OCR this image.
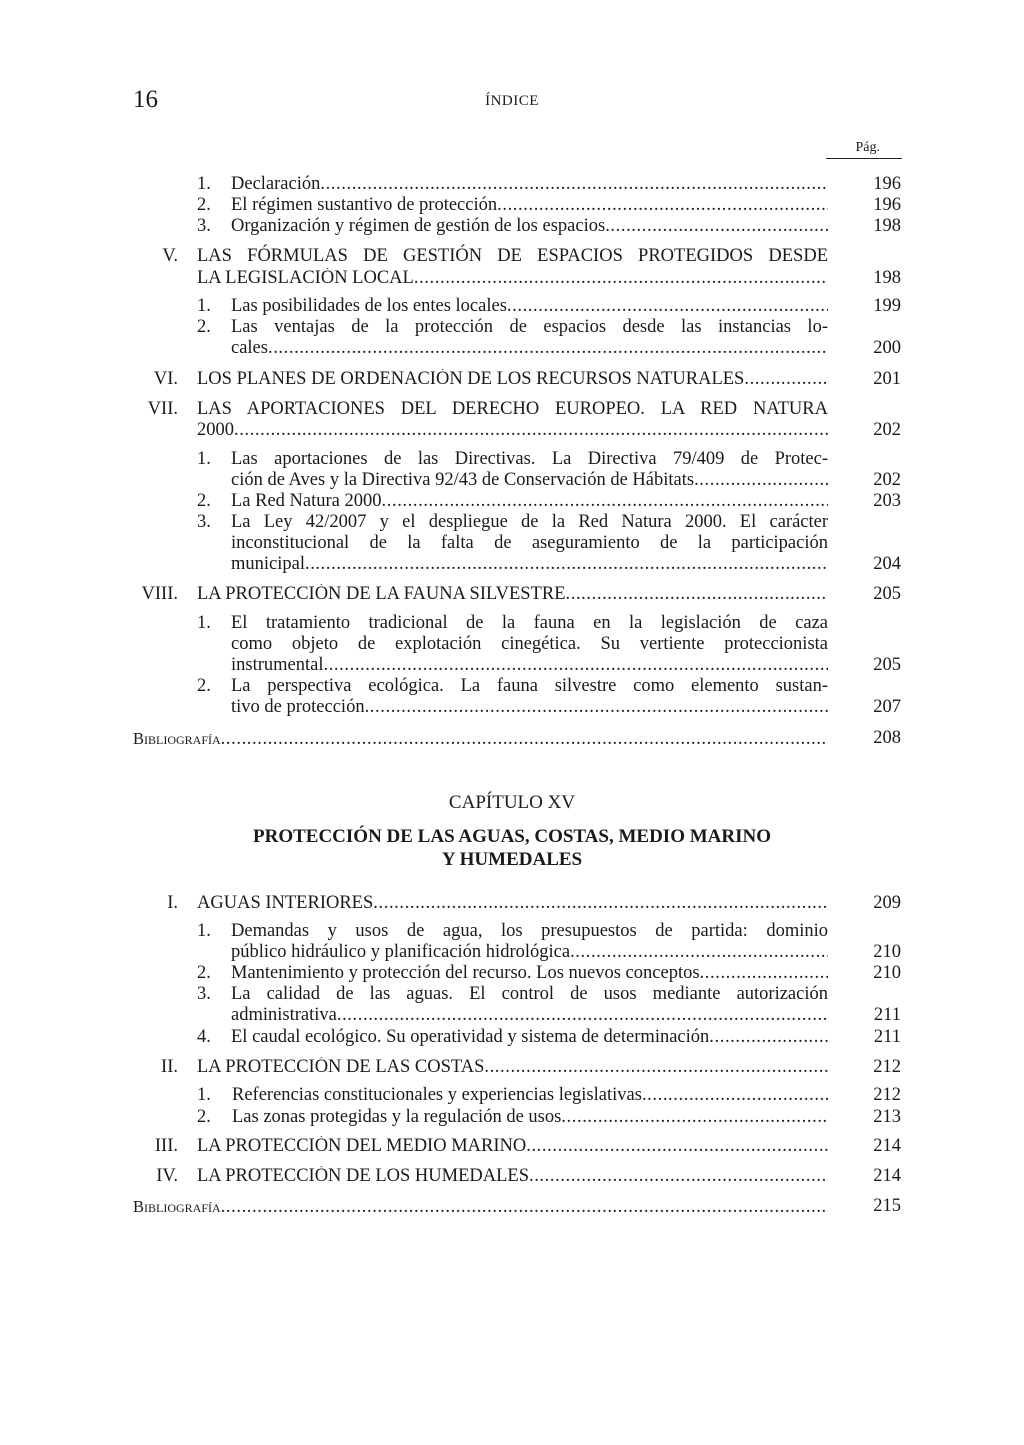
16	ÍNDICE
Pág.
1. Declaración .....	196
2. El régimen sustantivo de protección .....	196
3. Organización y régimen de gestión de los espacios .....	198
V. LAS FÓRMULAS DE GESTIÓN DE ESPACIOS PROTEGIDOS DESDE
LA LEGISLACIÓN LOCAL .....	198
1. Las posibilidades de los entes locales .....	199
2. Las ventajas de la protección de espacios desde las instancias lo-
cales .....	200
VI. LOS PLANES DE ORDENACIÓN DE LOS RECURSOS NATURALES .....	201
VII. LAS APORTACIONES DEL DERECHO EUROPEO. LA RED NATURA
2000 .....	202
1. Las aportaciones de las Directivas. La Directiva 79/409 de Protec-
ción de Aves y la Directiva 92/43 de Conservación de Hábitats .....	202
2. La Red Natura 2000 .....	203
3. La Ley 42/2007 y el despliegue de la Red Natura 2000. El carácter
inconstitucional de la falta de aseguramiento de la participación
municipal .....	204
VIII. LA PROTECCIÓN DE LA FAUNA SILVESTRE .....	205
1. El tratamiento tradicional de la fauna en la legislación de caza
como objeto de explotación cinegética. Su vertiente proteccionista
instrumental .....	205
2. La perspectiva ecológica. La fauna silvestre como elemento sustan-
tivo de protección .....	207
Bibliografía .....	208
CAPÍTULO XV
PROTECCIÓN DE LAS AGUAS, COSTAS, MEDIO MARINO
Y HUMEDALES
I. AGUAS INTERIORES .....	209
1. Demandas y usos de agua, los presupuestos de partida: dominio
público hidráulico y planificación hidrológica .....	210
2. Mantenimiento y protección del recurso. Los nuevos conceptos .....	210
3. La calidad de las aguas. El control de usos mediante autorización
administrativa .....	211
4. El caudal ecológico. Su operatividad y sistema de determinación .....	211
II. LA PROTECCIÓN DE LAS COSTAS .....	212
1. Referencias constitucionales y experiencias legislativas .....	212
2. Las zonas protegidas y la regulación de usos .....	213
III. LA PROTECCIÓN DEL MEDIO MARINO .....	214
IV. LA PROTECCIÓN DE LOS HUMEDALES .....	214
Bibliografía .....	215
